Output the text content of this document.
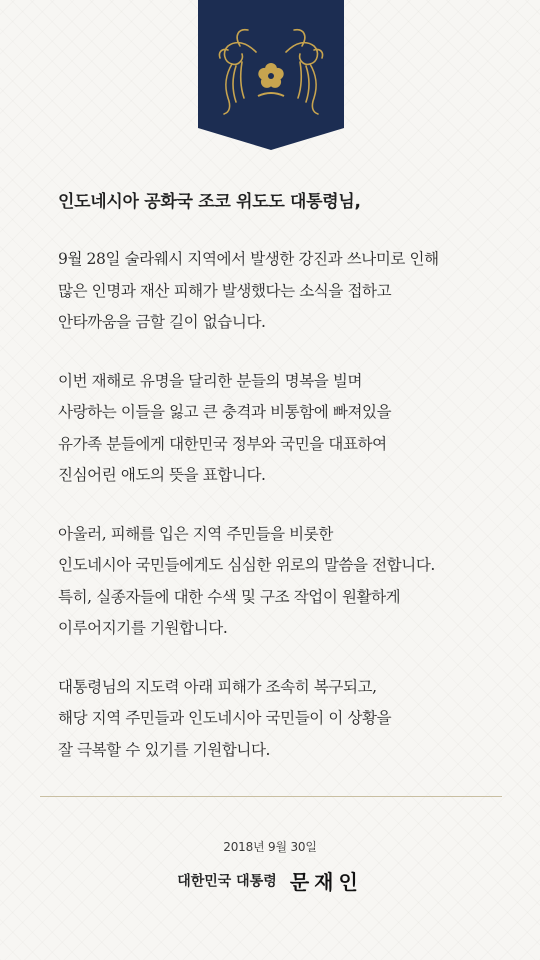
인도네시아 공화국 조코 위도도 대통령님,
9월 28일 술라웨시 지역에서 발생한 강진과 쓰나미로 인해
많은 인명과 재산 피해가 발생했다는 소식을 접하고
안타까움을 금할 길이 없습니다.
이번 재해로 유명을 달리한 분들의 명복을 빌며
사랑하는 이들을 잃고 큰 충격과 비통함에 빠져있을
유가족 분들에게 대한민국 정부와 국민을 대표하여
진심어린 애도의 뜻을 표합니다.
아울러, 피해를 입은 지역 주민들을 비롯한
인도네시아 국민들에게도 심심한 위로의 말씀을 전합니다.
특히, 실종자들에 대한 수색 및 구조 작업이 원활하게
이루어지기를 기원합니다.
대통령님의 지도력 아래 피해가 조속히 복구되고,
해당 지역 주민들과 인도네시아 국민들이 이 상황을
잘 극복할 수 있기를 기원합니다.
2018년 9월 30일
대한민국 대통령 문재인
